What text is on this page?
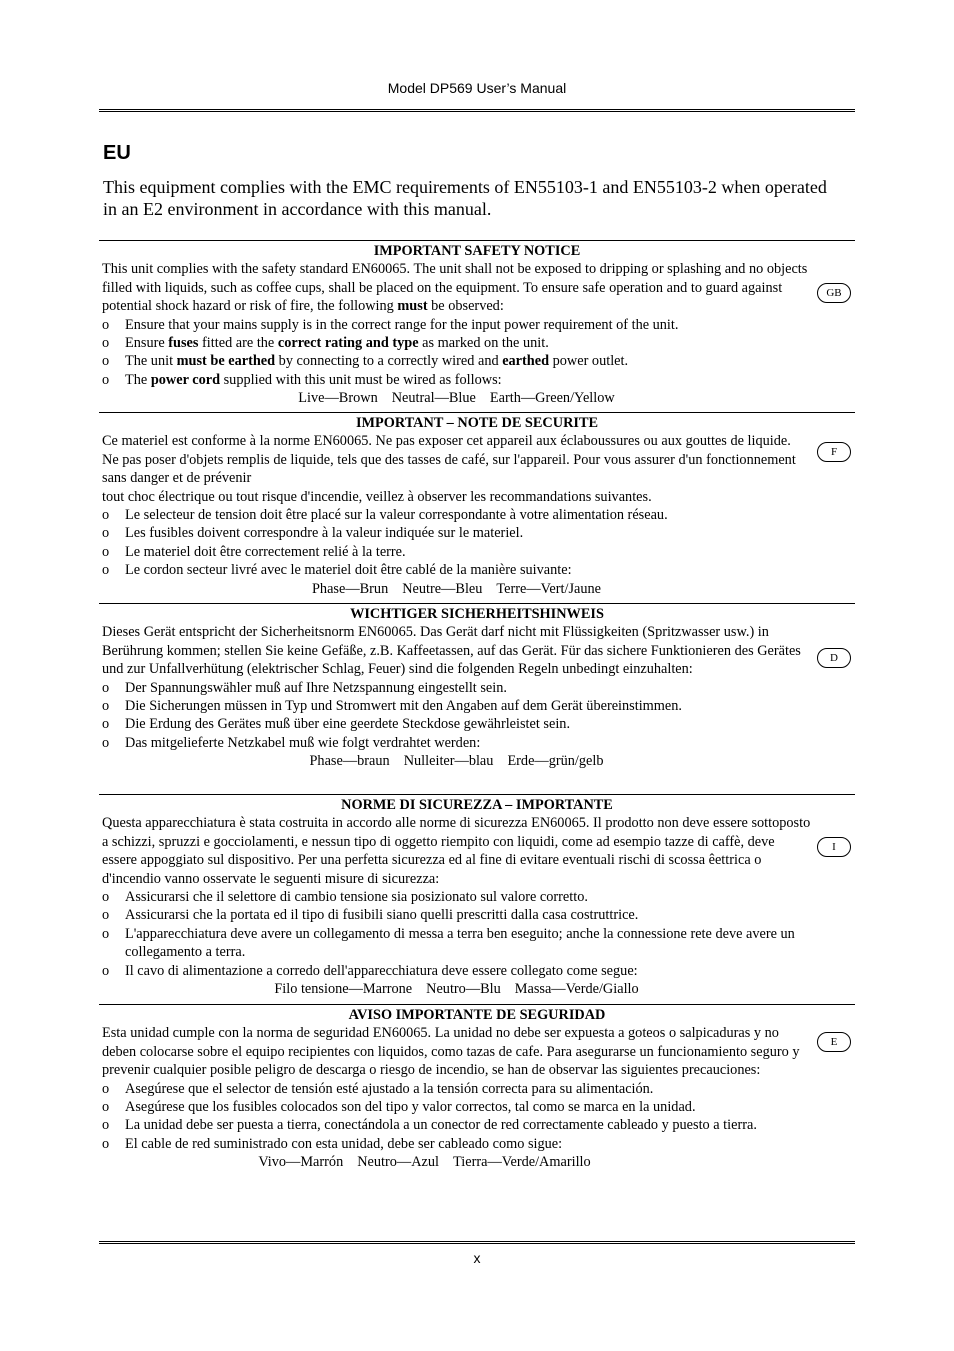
Model DP569 User’s Manual
EU
This equipment complies with the EMC requirements of EN55103-1 and EN55103-2 when operated in an E2 environment in accordance with this manual.
IMPORTANT SAFETY NOTICE

This unit complies with the safety standard EN60065. The unit shall not be exposed to dripping or splashing and no objects filled with liquids, such as coffee cups, shall be placed on the equipment. To ensure safe operation and to guard against potential shock hazard or risk of fire, the following must be observed:

o Ensure that your mains supply is in the correct range for the input power requirement of the unit.
o Ensure fuses fitted are the correct rating and type as marked on the unit.
o The unit must be earthed by connecting to a correctly wired and earthed power outlet.
o The power cord supplied with this unit must be wired as follows:
Live—Brown Neutral—Blue Earth—Green/Yellow
GB
IMPORTANT – NOTE DE SECURITE

Ce materiel est conforme à la norme EN60065. Ne pas exposer cet appareil aux éclaboussures ou aux gouttes de liquide. Ne pas poser d'objets remplis de liquide, tels que des tasses de café, sur l'appareil. Pour vous assurer d'un fonctionnement sans danger et de prévenir

tout choc électrique ou tout risque d'incendie, veillez à observer les recommandations suivantes.

o Le selecteur de tension doit être placé sur la valeur correspondante à votre alimentation réseau.
o Les fusibles doivent correspondre à la valeur indiquée sur le materiel.
o Le materiel doit être correctement relié à la terre.
o Le cordon secteur livré avec le materiel doit être cablé de la manière suivante:
Phase—Brun Neutre—Bleu Terre—Vert/Jaune
F
WICHTIGER SICHERHEITSHINWEIS

Dieses Gerät entspricht der Sicherheitsnorm EN60065. Das Gerät darf nicht mit Flüssigkeiten (Spritzwasser usw.) in Berührung kommen; stellen Sie keine Gefäße, z.B. Kaffeetassen, auf das Gerät. Für das sichere Funktionieren des Gerätes und zur Unfallverhütung (elektrischer Schlag, Feuer) sind die folgenden Regeln unbedingt einzuhalten:

o Der Spannungswähler muß auf Ihre Netzspannung eingestellt sein.
o Die Sicherungen müssen in Typ und Stromwert mit den Angaben auf dem Gerät übereinstimmen.
o Die Erdung des Gerätes muß über eine geerdete Steckdose gewährleistet sein.
o Das mitgelieferte Netzkabel muß wie folgt verdrahtet werden:
Phase—braun Nulleiter—blau Erde—grün/gelb
D
NORME DI SICUREZZA – IMPORTANTE

Questa apparecchiatura è stata costruita in accordo alle norme di sicurezza EN60065. Il prodotto non deve essere sottoposto a schizzi, spruzzi e gocciolamenti, e nessun tipo di oggetto riempito con liquidi, come ad esempio tazze di caffè, deve essere appoggiato sul dispositivo. Per una perfetta sicurezza ed al fine di evitare eventuali rischi di scossa êettrica o d'incendio vanno osservate le seguenti misure di sicurezza:

o Assicurarsi che il selettore di cambio tensione sia posizionato sul valore corretto.
o Assicurarsi che la portata ed il tipo di fusibili siano quelli prescritti dalla casa costruttrice.
o L'apparecchiatura deve avere un collegamento di messa a terra ben eseguito; anche la connessione rete deve avere un collegamento a terra.
o Il cavo di alimentazione a corredo dell'apparecchiatura deve essere collegato come segue:
Filo tensione—Marrone Neutro—Blu Massa—Verde/Giallo
I
AVISO IMPORTANTE DE SEGURIDAD

Esta unidad cumple con la norma de seguridad EN60065. La unidad no debe ser expuesta a goteos o salpicaduras y no deben colocarse sobre el equipo recipientes con liquidos, como tazas de cafe. Para asegurarse un funcionamiento seguro y prevenir cualquier posible peligro de descarga o riesgo de incendio, se han de observar las siguientes precauciones:

o Asegúrese que el selector de tensión esté ajustado a la tensión correcta para su alimentación.
o Asegúrese que los fusibles colocados son del tipo y valor correctos, tal como se marca en la unidad.
o La unidad debe ser puesta a tierra, conectándola a un conector de red correctamente cableado y puesto a tierra.
o El cable de red suministrado con esta unidad, debe ser cableado como sigue:
Vivo—Marrón Neutro—Azul Tierra—Verde/Amarillo
E
x
